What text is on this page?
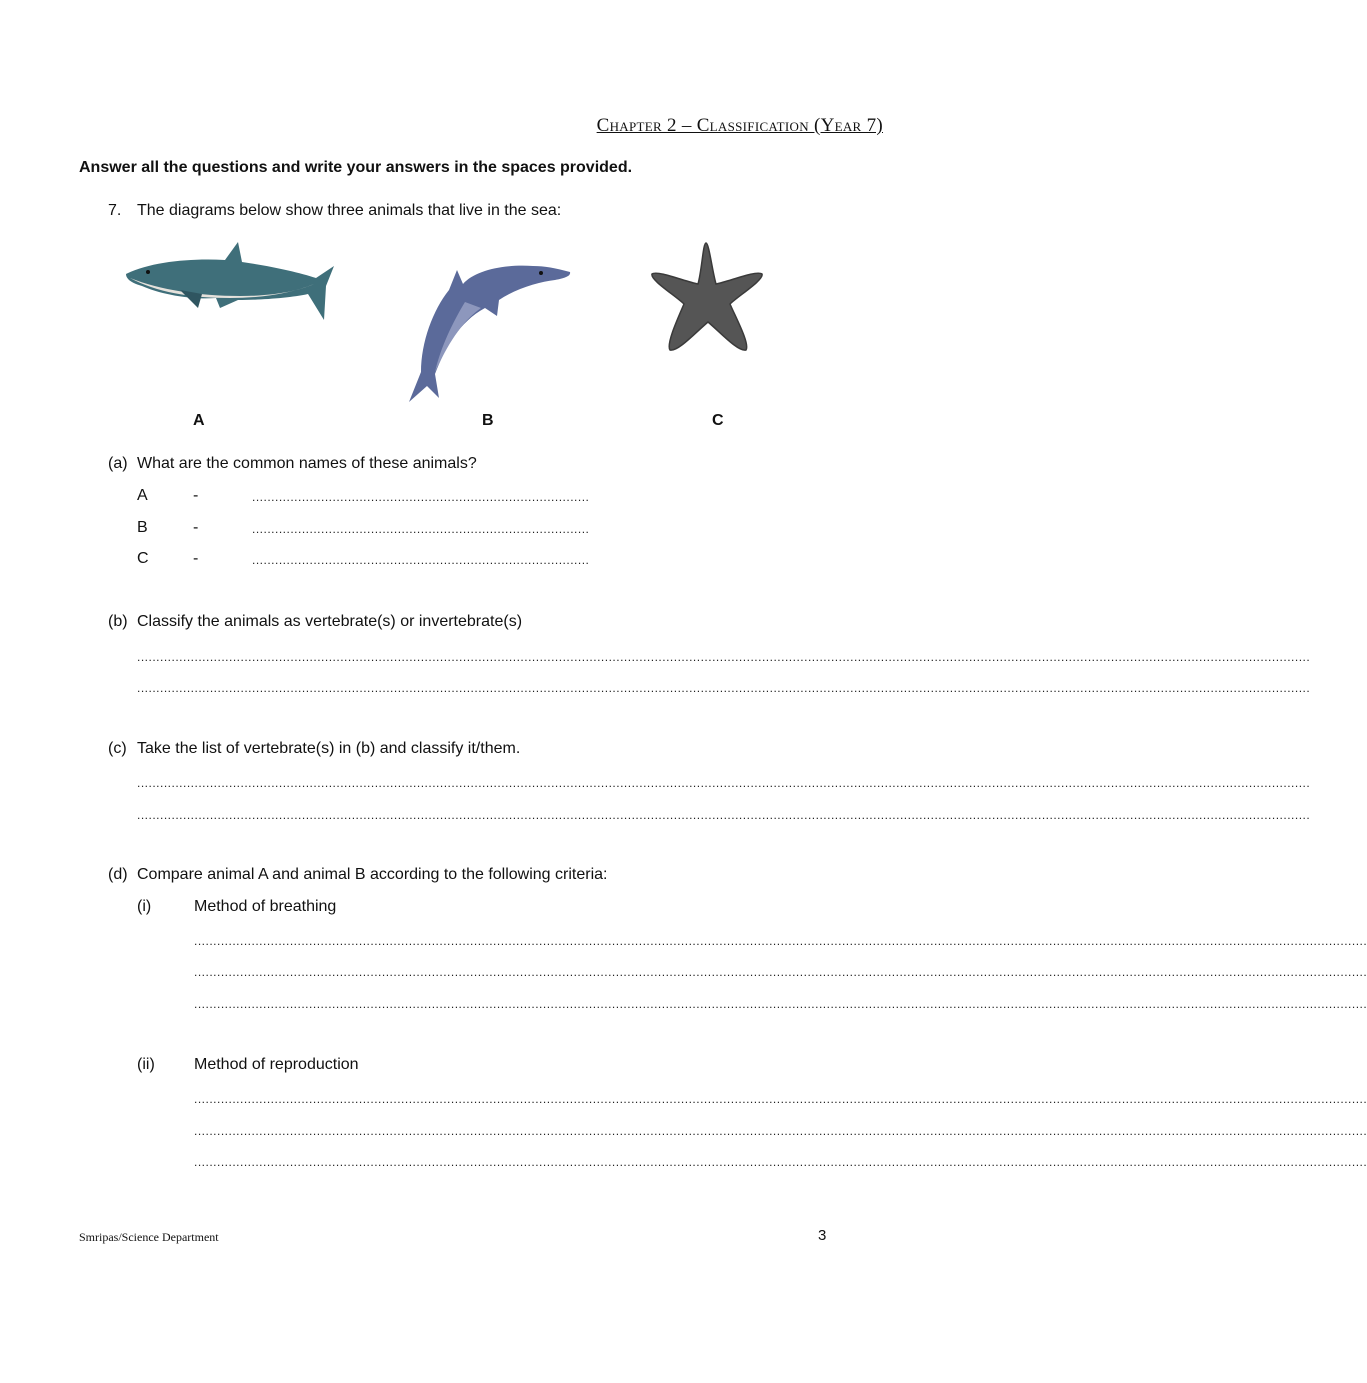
Chapter 2 – Classification (Year 7)
Answer all the questions and write your answers in the spaces provided.
7. The diagrams below show three animals that live in the sea:
A	B	C
(a) What are the common names of these animals?
A	-	........................................................................................
B	-	........................................................................................
C	-	........................................................................................
(b) Classify the animals as vertebrate(s) or invertebrate(s)
..................................................................................................................................................................................................................................................................................................................
..................................................................................................................................................................................................................................................................................................................
(c) Take the list of vertebrate(s) in (b) and classify it/them.
..................................................................................................................................................................................................................................................................................................................
..................................................................................................................................................................................................................................................................................................................
(d) Compare animal A and animal B according to the following criteria:
(i)	Method of breathing
..................................................................................................................................................................................................................................................................................................................
..................................................................................................................................................................................................................................................................................................................
..................................................................................................................................................................................................................................................................................................................
(ii) Method of reproduction
..................................................................................................................................................................................................................................................................................................................
..................................................................................................................................................................................................................................................................................................................
..................................................................................................................................................................................................................................................................................................................
Smripas/Science Department	3
